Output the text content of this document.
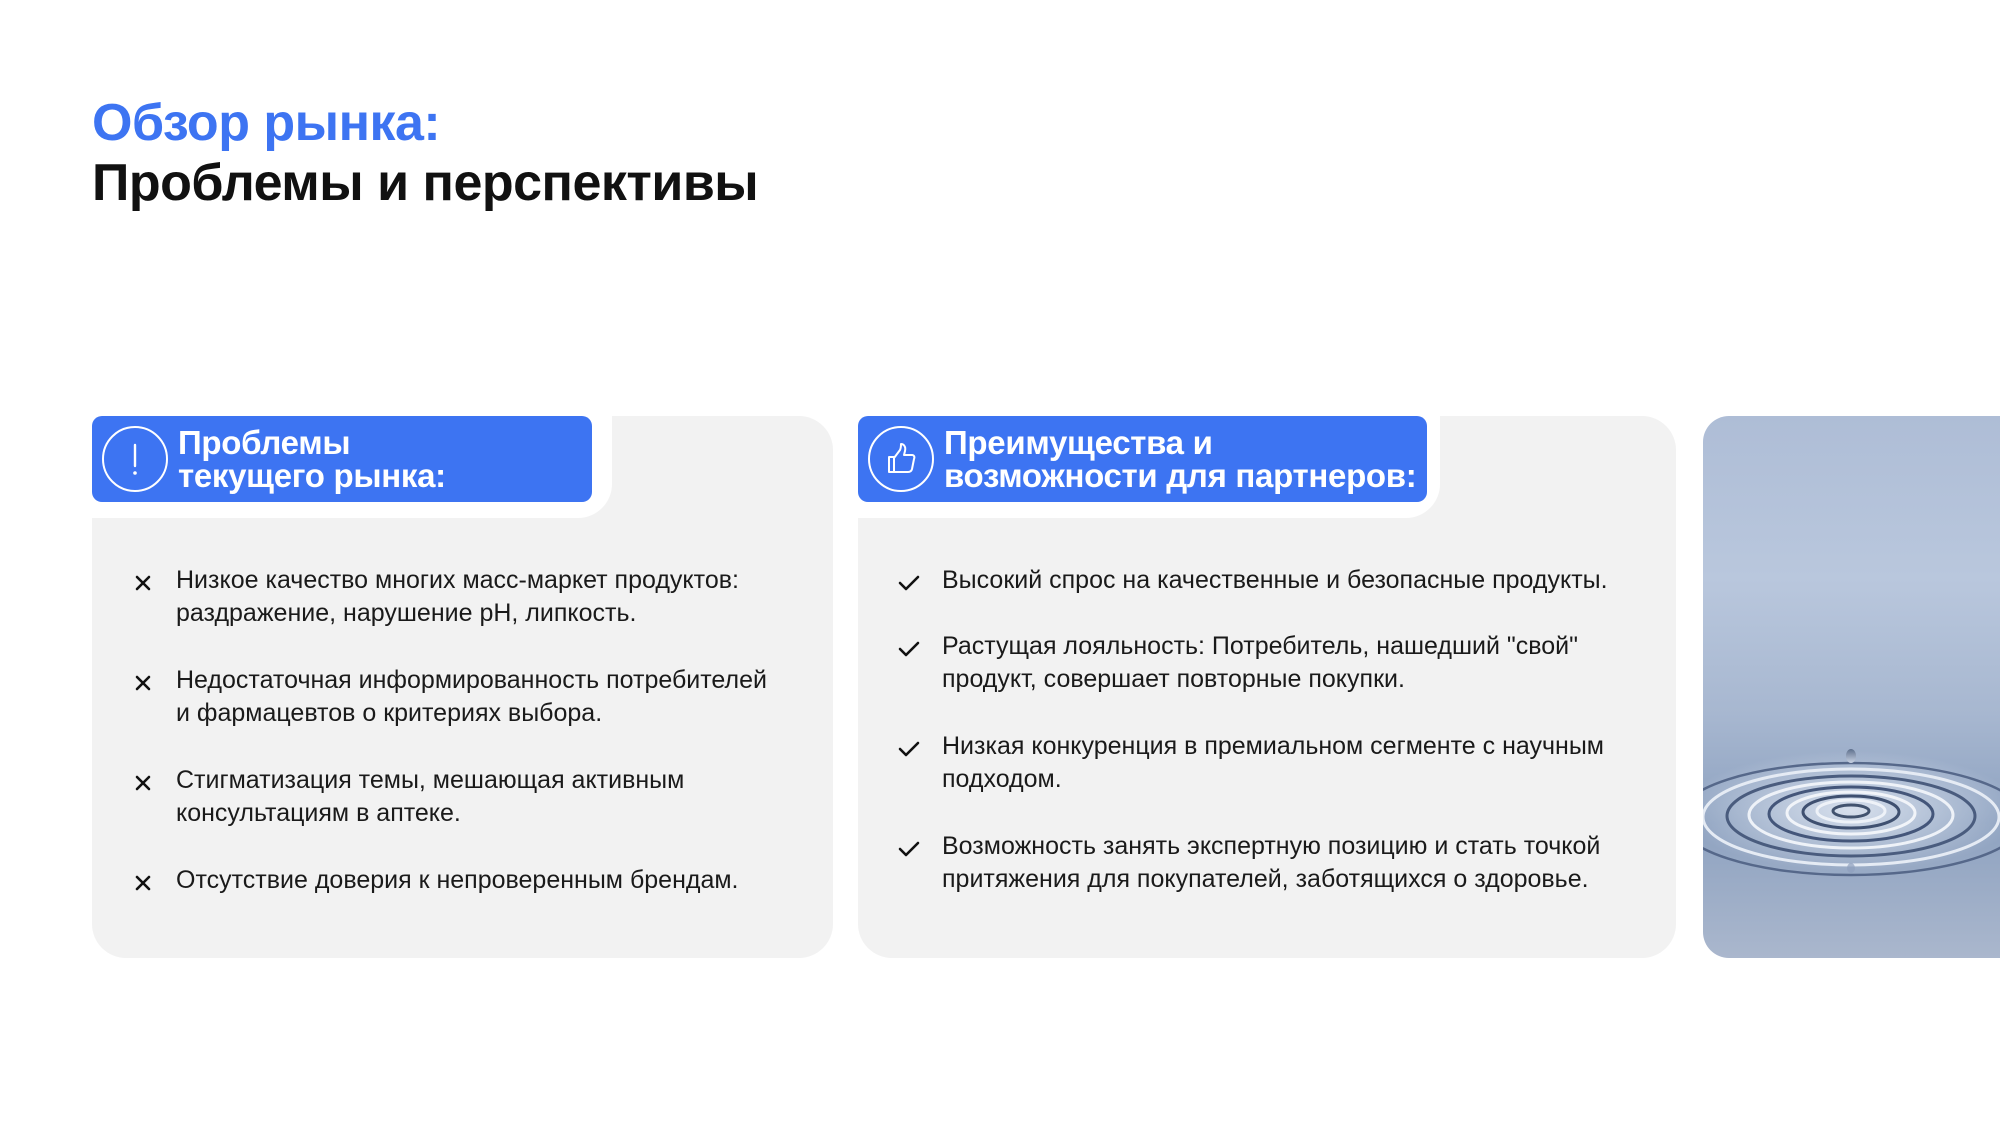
Обзор рынка:
Проблемы и перспективы
Проблемы
текущего рынка:
Низкое качество многих масс-маркет продуктов:
раздражение, нарушение pH, липкость.
Недостаточная информированность потребителей
и фармацевтов о критериях выбора.
Стигматизация темы, мешающая активным
консультациям в аптеке.
Отсутствие доверия к непроверенным брендам.
Преимущества и
возможности для партнеров:
Высокий спрос на качественные и безопасные продукты.
Растущая лояльность: Потребитель, нашедший "свой"
продукт, совершает повторные покупки.
Низкая конкуренция в премиальном сегменте с научным
подходом.
Возможность занять экспертную позицию и стать точкой
притяжения для покупателей, заботящихся о здоровье.
